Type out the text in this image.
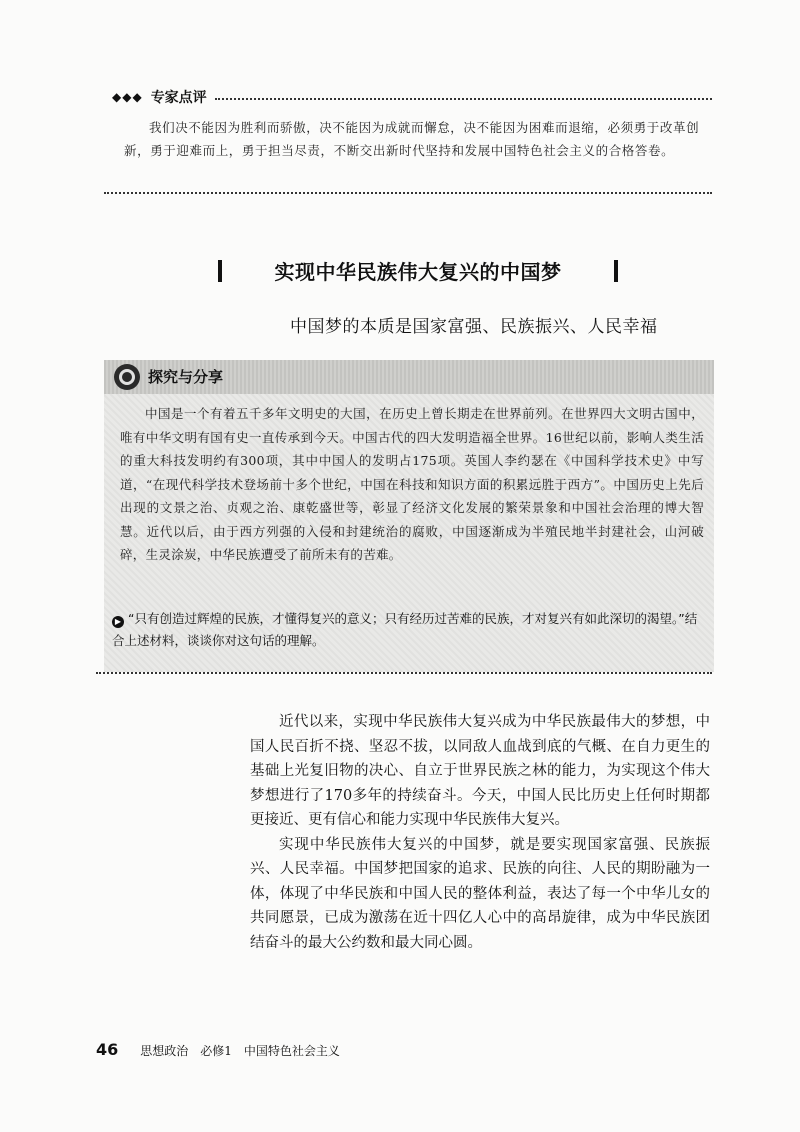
◆◆◆ 专家点评
我们决不能因为胜利而骄傲，决不能因为成就而懈怠，决不能因为困难而退缩，必须勇于改革创新，勇于迎难而上，勇于担当尽责，不断交出新时代坚持和发展中国特色社会主义的合格答卷。
实现中华民族伟大复兴的中国梦
中国梦的本质是国家富强、民族振兴、人民幸福
探究与分享
中国是一个有着五千多年文明史的大国，在历史上曾长期走在世界前列。在世界四大文明古国中，唯有中华文明有国有史一直传承到今天。中国古代的四大发明造福全世界。16世纪以前，影响人类生活的重大科技发明约有300项，其中中国人的发明占175项。英国人李约瑟在《中国科学技术史》中写道，“在现代科学技术登场前十多个世纪，中国在科技和知识方面的积累远胜于西方”。中国历史上先后出现的文景之治、贞观之治、康乾盛世等，彰显了经济文化发展的繁荣景象和中国社会治理的博大智慧。近代以后，由于西方列强的入侵和封建统治的腐败，中国逐渐成为半殖民地半封建社会，山河破碎，生灵涂炭，中华民族遭受了前所未有的苦难。
▶ “只有创造过辉煌的民族，才懂得复兴的意义；只有经历过苦难的民族，才对复兴有如此深切的渴望。”结合上述材料，谈谈你对这句话的理解。

近代以来，实现中华民族伟大复兴成为中华民族最伟大的梦想，中国人民百折不挠、坚忍不拔，以同敌人血战到底的气概、在自力更生的基础上光复旧物的决心、自立于世界民族之林的能力，为实现这个伟大梦想进行了170多年的持续奋斗。今天，中国人民比历史上任何时期都更接近、更有信心和能力实现中华民族伟大复兴。

实现中华民族伟大复兴的中国梦，就是要实现国家富强、民族振兴、人民幸福。中国梦把国家的追求、民族的向往、人民的期盼融为一体，体现了中华民族和中国人民的整体利益，表达了每一个中华儿女的共同愿景，已成为激荡在近十四亿人心中的高昂旋律，成为中华民族团结奋斗的最大公约数和最大同心圆。

46 思想政治 必修1 中国特色社会主义
